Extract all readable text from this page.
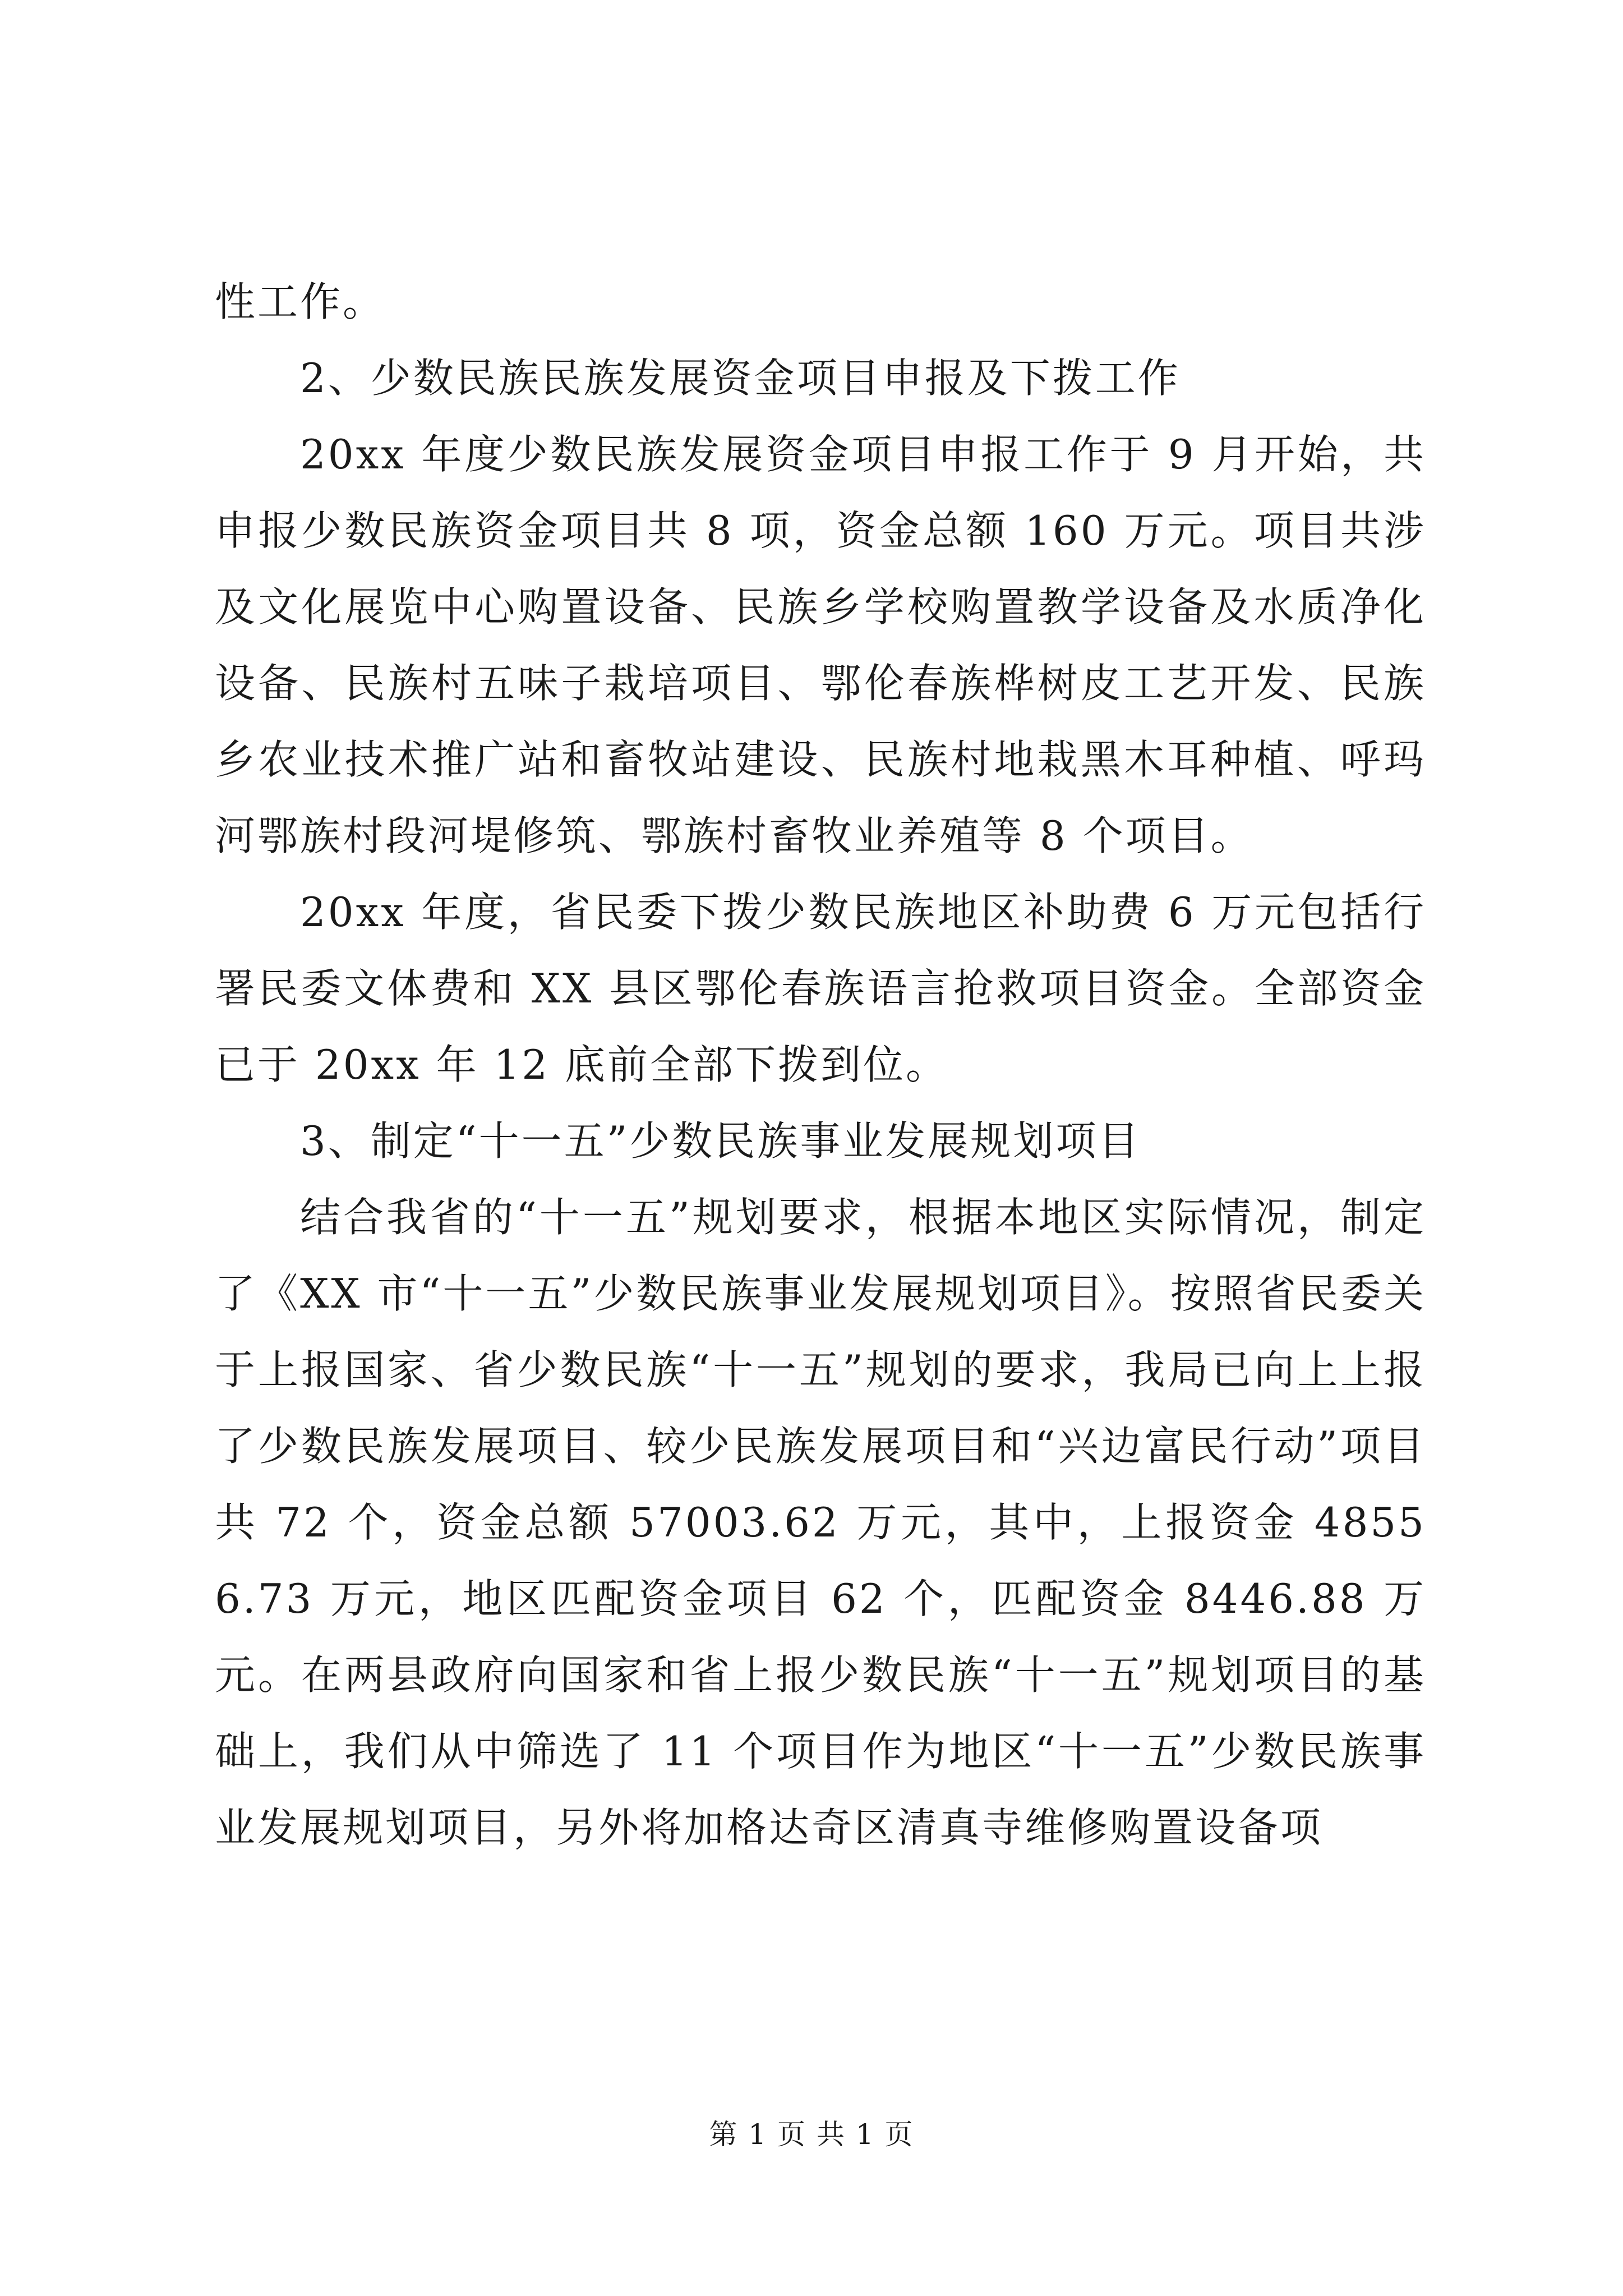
性工作。

2、少数民族民族发展资金项目申报及下拨工作

20xx 年度少数民族发展资金项目申报工作于 9 月开始，共申报少数民族资金项目共 8 项，资金总额 160 万元。项目共涉及文化展览中心购置设备、民族乡学校购置教学设备及水质净化设备、民族村五味子栽培项目、鄂伦春族桦树皮工艺开发、民族乡农业技术推广站和畜牧站建设、民族村地栽黑木耳种植、呼玛河鄂族村段河堤修筑、鄂族村畜牧业养殖等 8 个项目。

20xx 年度，省民委下拨少数民族地区补助费 6 万元包括行署民委文体费和 XX 县区鄂伦春族语言抢救项目资金。全部资金已于 20xx 年 12 底前全部下拨到位。

3、制定“十一五”少数民族事业发展规划项目

结合我省的“十一五”规划要求，根据本地区实际情况，制定了《XX 市“十一五”少数民族事业发展规划项目》。按照省民委关于上报国家、省少数民族“十一五”规划的要求，我局已向上上报了少数民族发展项目、较少民族发展项目和“兴边富民行动”项目共 72 个，资金总额 57003.62 万元，其中，上报资金 48556.73 万元，地区匹配资金项目 62 个，匹配资金 8446.88 万元。在两县政府向国家和省上报少数民族“十一五”规划项目的基础上，我们从中筛选了 11 个项目作为地区“十一五”少数民族事业发展规划项目，另外将加格达奇区清真寺维修购置设备项

第 1 页 共 1 页
